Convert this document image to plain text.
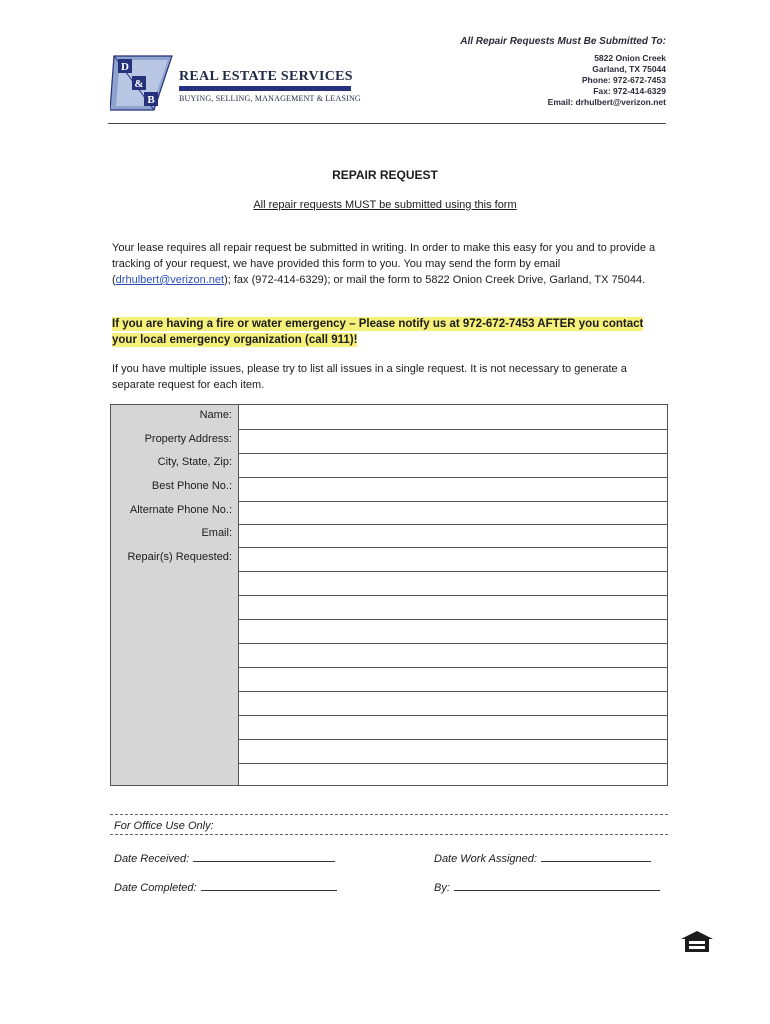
D
&
B
REAL ESTATE SERVICES
BUYING, SELLING, MANAGEMENT & LEASING
All Repair Requests Must Be Submitted To:
5822 Onion Creek
Garland, TX 75044
Phone: 972-672-7453
Fax: 972-414-6329
Email: drhulbert@verizon.net
REPAIR REQUEST
All repair requests MUST be submitted using this form
Your lease requires all repair request be submitted in writing. In order to make this easy for you and to provide a tracking of your request, we have provided this form to you. You may send the form by email (drhulbert@verizon.net); fax (972-414-6329); or mail the form to 5822 Onion Creek Drive, Garland, TX 75044.
If you are having a fire or water emergency – Please notify us at 972-672-7453 AFTER you contact your local emergency organization (call 911)!
If you have multiple issues, please try to list all issues in a single request. It is not necessary to generate a separate request for each item.
Name:
Property Address:
City, State, Zip:
Best Phone No.:
Alternate Phone No.:
Email:
Repair(s) Requested:
For Office Use Only:
Date Received:	Date Work Assigned:
Date Completed:	By:
